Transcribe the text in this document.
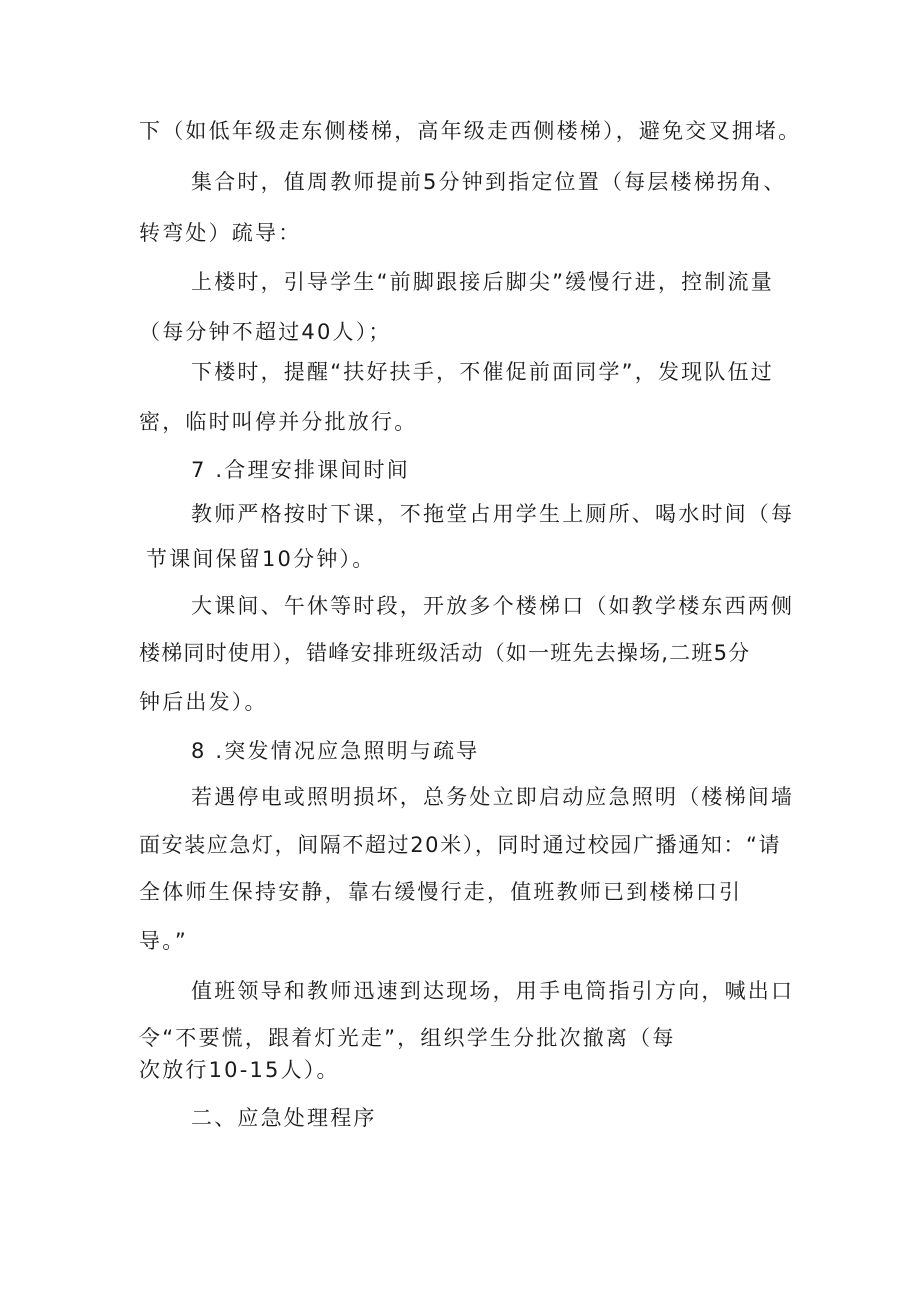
下（如低年级走东侧楼梯，高年级走西侧楼梯），避免交叉拥堵。
集合时，值周教师提前5分钟到指定位置（每层楼梯拐角、
转弯处）疏导：
上楼时，引导学生“前脚跟接后脚尖”缓慢行进，控制流量
（每分钟不超过40人）；
下楼时，提醒“扶好扶手，不催促前面同学”，发现队伍过
密，临时叫停并分批放行。
7 .合理安排课间时间
教师严格按时下课，不拖堂占用学生上厕所、喝水时间（每
节课间保留10分钟）。
大课间、午休等时段，开放多个楼梯口（如教学楼东西两侧
楼梯同时使用），错峰安排班级活动（如一班先去操场,二班5分
钟后出发）。
8 .突发情况应急照明与疏导
若遇停电或照明损坏，总务处立即启动应急照明（楼梯间墙
面安装应急灯，间隔不超过20米），同时通过校园广播通知：“请
全体师生保持安静，靠右缓慢行走，值班教师已到楼梯口引
导。”
值班领导和教师迅速到达现场，用手电筒指引方向，喊出口
令“不要慌，跟着灯光走”，组织学生分批次撤离（每
次放行10-15人）。
二、应急处理程序
